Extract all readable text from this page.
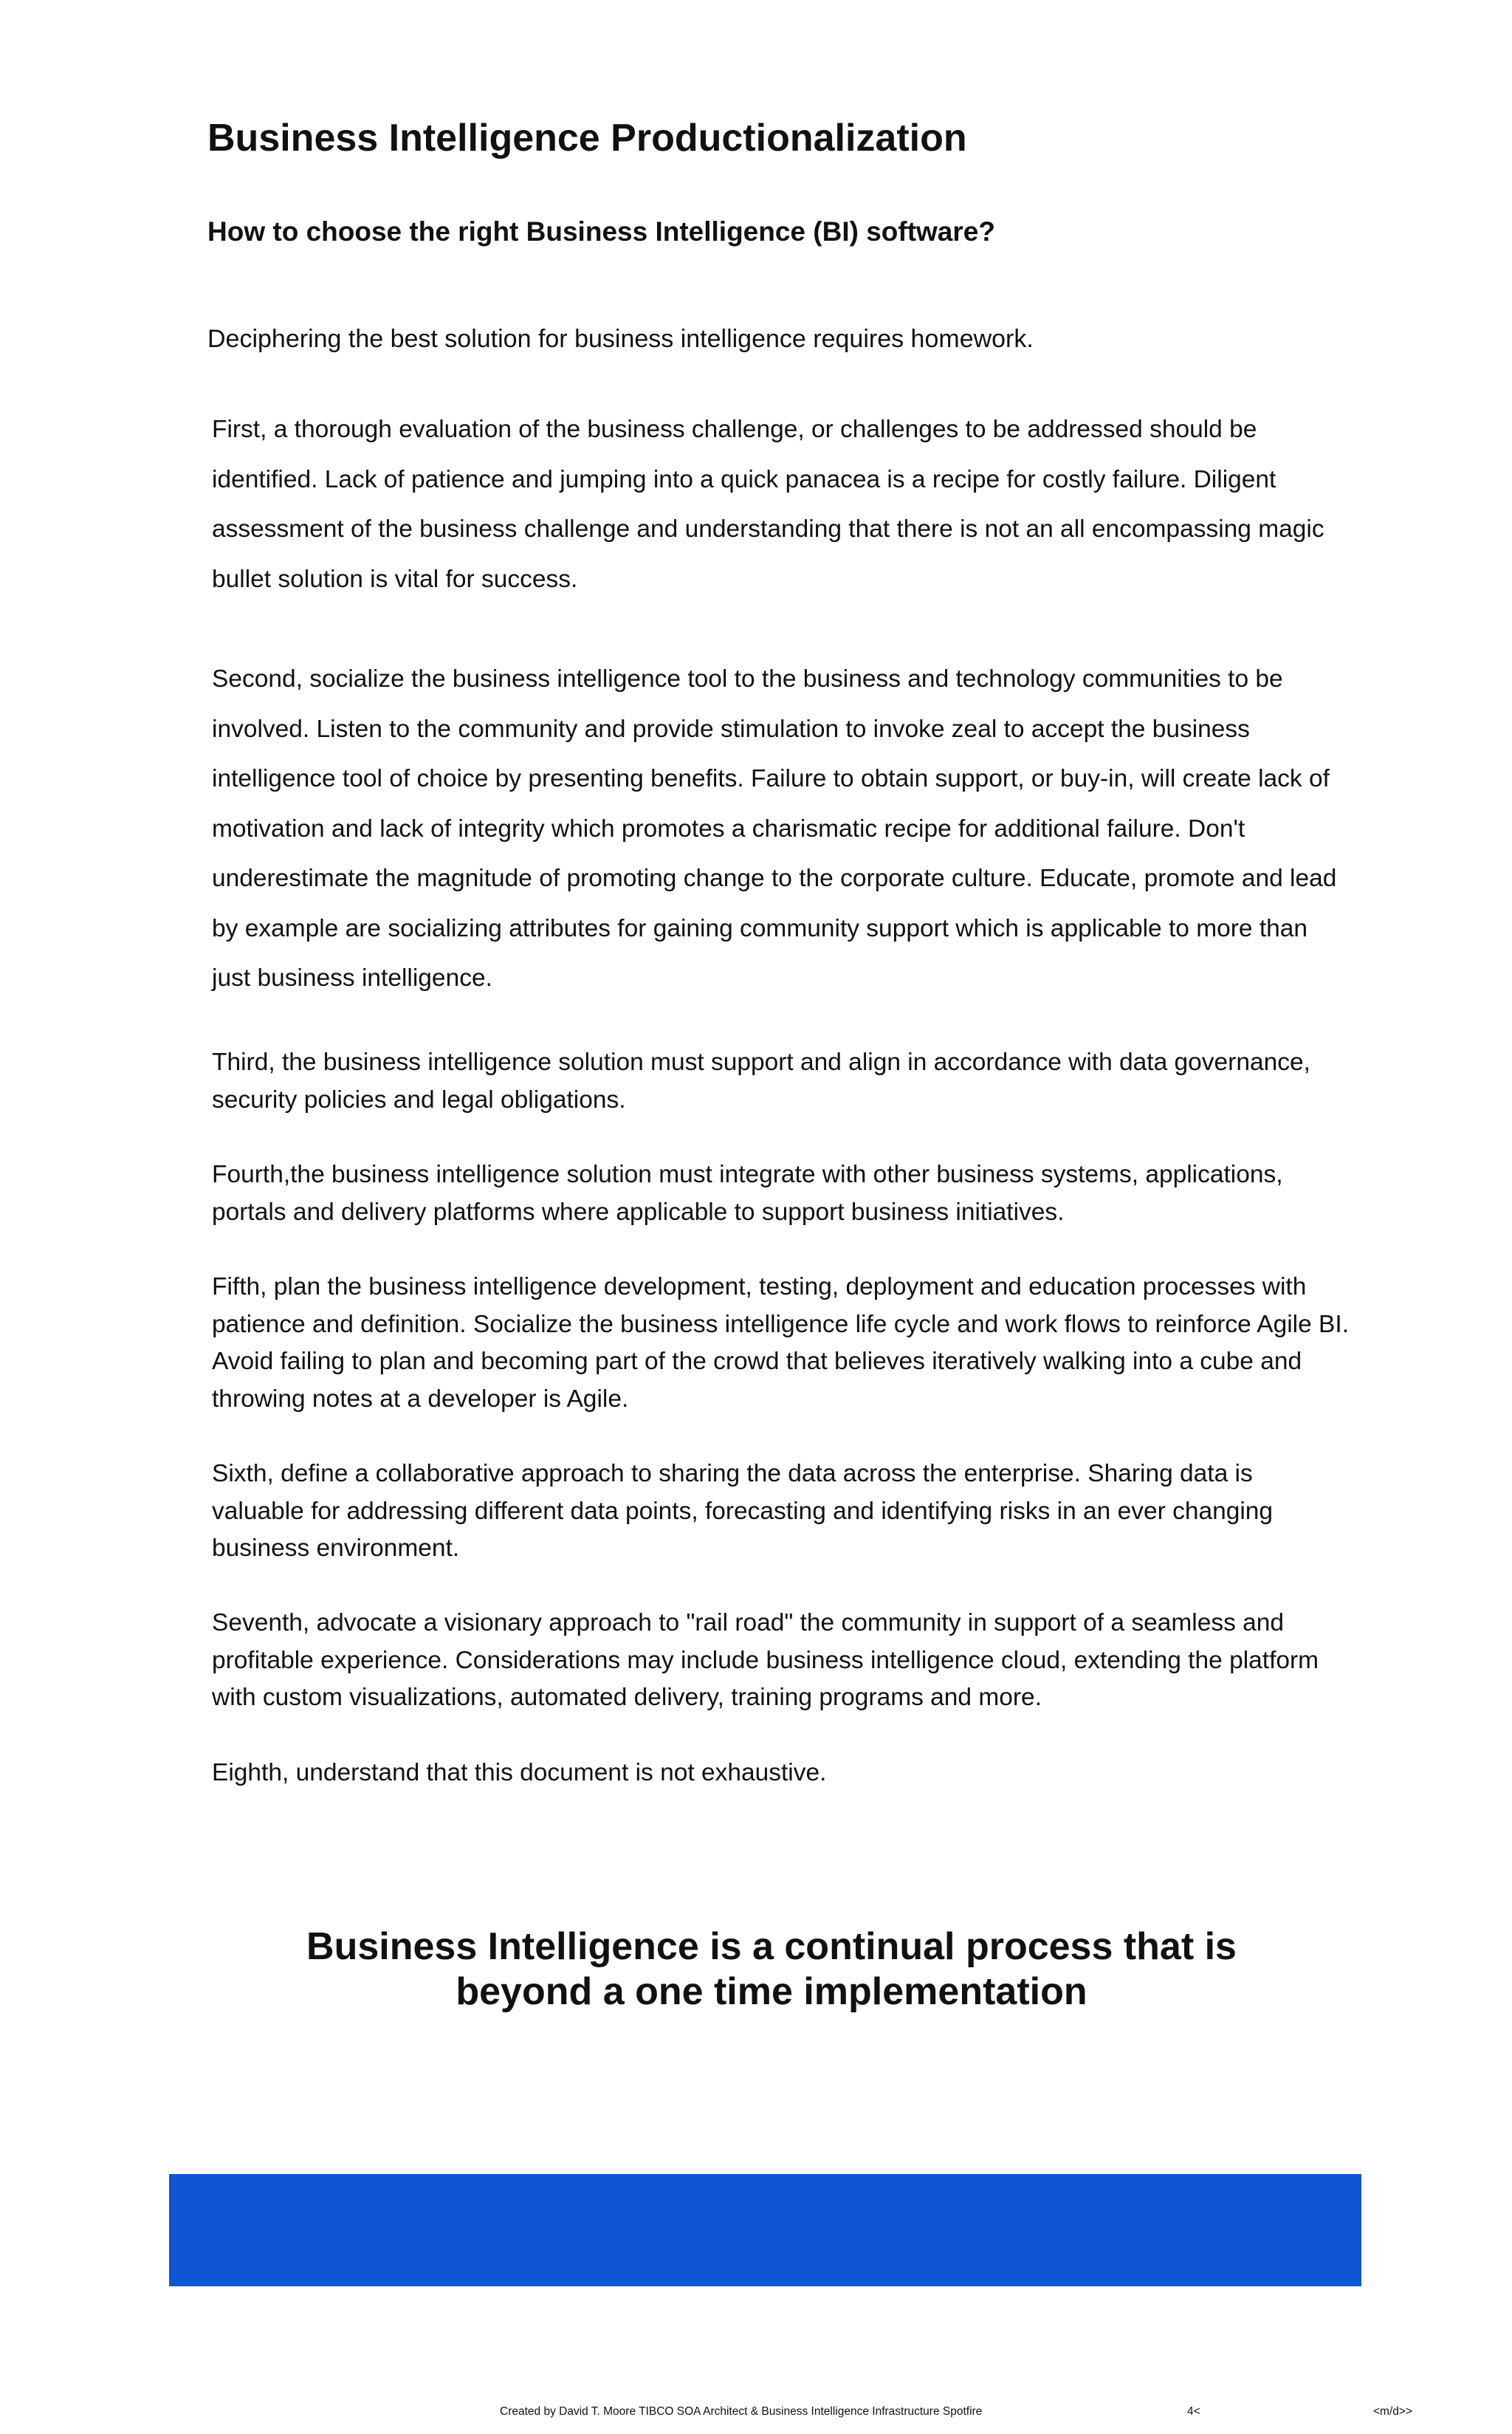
Business Intelligence Productionalization
How to choose the right Business Intelligence (BI) software?

Deciphering the best solution for business intelligence requires homework.

First, a thorough evaluation of the business challenge, or challenges to be addressed should be identified. Lack of patience and jumping into a quick panacea is a recipe for costly failure. Diligent assessment of the business challenge and understanding that there is not an all encompassing magic bullet solution is vital for success.

Second, socialize the business intelligence tool to the business and technology communities to be involved. Listen to the community and provide stimulation to invoke zeal to accept the business intelligence tool of choice by presenting benefits. Failure to obtain support, or buy-in, will create lack of motivation and lack of integrity which promotes a charismatic recipe for additional failure. Don't underestimate the magnitude of promoting change to the corporate culture. Educate, promote and lead by example are socializing attributes for gaining community support which is applicable to more than just business intelligence.

Third, the business intelligence solution must support and align in accordance with data governance, security policies and legal obligations.

Fourth,the business intelligence solution must integrate with other business systems, applications, portals and delivery platforms where applicable to support business initiatives.

Fifth, plan the business intelligence development, testing, deployment and education processes with patience and definition. Socialize the business intelligence life cycle and work flows to reinforce Agile BI. Avoid failing to plan and becoming part of the crowd that believes iteratively walking into a cube and throwing notes at a developer is Agile.

Sixth, define a collaborative approach to sharing the data across the enterprise. Sharing data is valuable for addressing different data points, forecasting and identifying risks in an ever changing business environment.

Seventh, advocate a visionary approach to "rail road" the community in support of a seamless and profitable experience. Considerations may include business intelligence cloud, extending the platform with custom visualizations, automated delivery, training programs and more.

Eighth, understand that this document is not exhaustive.

Business Intelligence is a continual process that is beyond a one time implementation

Created by David T. Moore TIBCO SOA Architect & Business Intelligence Infrastructure Spotfire	4<	<m/d>>
